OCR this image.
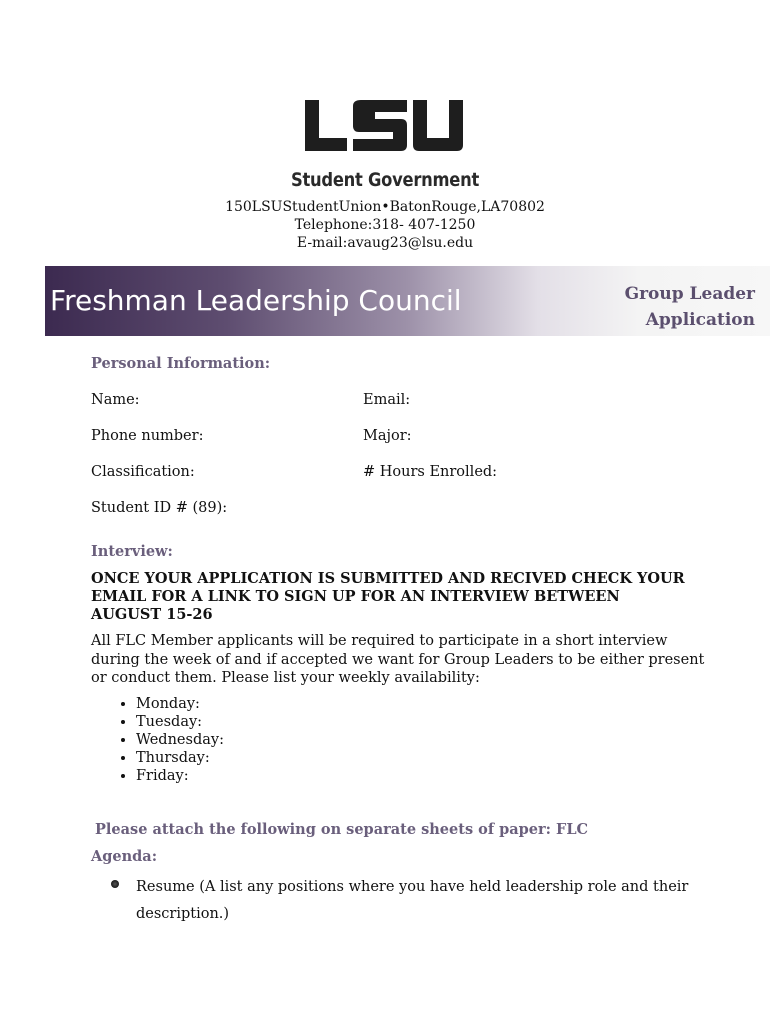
Student Government
150LSUStudentUnion•BatonRouge,LA70802
Telephone:318- 407-1250
E-mail:avaug23@lsu.edu
Freshman Leadership Council	Group Leader
Application
Personal Information:
Name:	Email:
Phone number:	Major:
Classification:	# Hours Enrolled:
Student ID # (89):
Interview:
ONCE YOUR APPLICATION IS SUBMITTED AND RECIVED CHECK YOUR EMAIL FOR A LINK TO SIGN UP FOR AN INTERVIEW BETWEEN AUGUST 15-26
All FLC Member applicants will be required to participate in a short interview during the week of and if accepted we want for Group Leaders to be either present or conduct them. Please list your weekly availability:
• Monday:
• Tuesday:
• Wednesday:
• Thursday:
• Friday:
Please attach the following on separate sheets of paper: FLC
Agenda:
Resume (A list any positions where you have held leadership role and their description.)
